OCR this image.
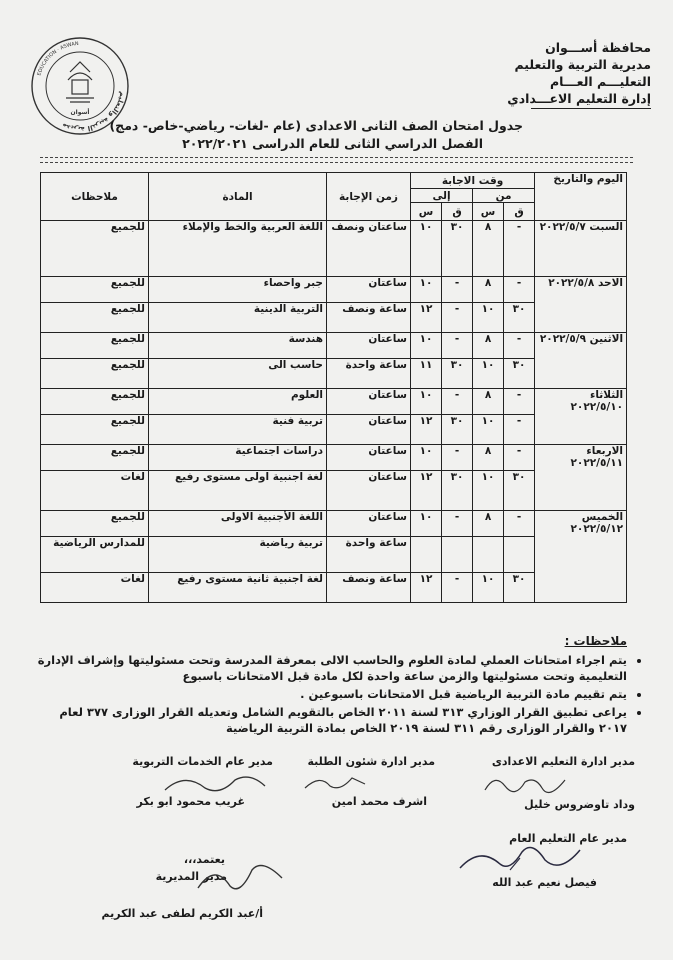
محافظة أســـوان
مديرية التربية والتعليم
التعليـــم العـــام
إدارة التعليم الاعـــدادي
مديرية التربية والتعليم
EDUCATION · ASWAN
أسوان
جدول امتحان الصف الثانى الاعدادى (عام -لغات- رياضي-خاص- دمج)
الفصل الدراسي الثانى للعام الدراسى ٢٠٢٢/٢٠٢١
اليوم والتاريخ	وقت الاجابة				زمن الإجابة	المادة	ملاحظات
	من		إلى				
	ق	س	ق	س			
السبت ٢٠٢٢/٥/٧	-	٨	٣٠	١٠	ساعتان ونصف	اللغة العربية والخط والإملاء	للجميع
الاحد ٢٠٢٢/٥/٨	-	٨	-	١٠	ساعتان	جبر واحصاء	للجميع
	٣٠	١٠	-	١٢	ساعة ونصف	التربية الدينية	للجميع
الاثنين ٢٠٢٢/٥/٩	-	٨	-	١٠	ساعتان	هندسة	للجميع
	٣٠	١٠	٣٠	١١	ساعة واحدة	حاسب الى	للجميع
الثلاثاء ٢٠٢٢/٥/١٠	-	٨	-	١٠	ساعتان	العلوم	للجميع
	-	١٠	٣٠	١٢	ساعتان	تربية فنية	للجميع
الاربعاء ٢٠٢٢/٥/١١	-	٨	-	١٠	ساعتان	دراسات اجتماعية	للجميع
	٣٠	١٠	٣٠	١٢	ساعتان	لغة اجنبية اولى مستوى رفيع	لغات
الخميس ٢٠٢٢/٥/١٢	-	٨	-	١٠	ساعتان	اللغة الأجنبية الاولى	للجميع
					ساعة واحدة	تربية رياضية	للمدارس الرياضية
	٣٠	١٠	-	١٢	ساعة ونصف	لغة اجنبية ثانية مستوى رفيع	لغات
ملاحظات :
• يتم اجراء امتحانات العملي لمادة العلوم والحاسب الالى بمعرفة المدرسة وتحت مسئوليتها وإشراف الإدارة التعليمية وتحت مسئوليتها والزمن ساعة واحدة لكل مادة قبل الامتحانات باسبوع
• يتم تقييم مادة التربية الرياضية قبل الامتحانات باسبوعين .
• يراعى تطبيق القرار الوزاري ٣١٣ لسنة ٢٠١١ الخاص بالتقويم الشامل وتعديله القرار الوزارى ٣٧٧ لعام ٢٠١٧ والقرار الوزارى رقم ٣١١ لسنة ٢٠١٩ الخاص بمادة التربية الرياضية
مدير ادارة التعليم الاعدادى
مدير ادارة شئون الطلبة
مدير عام الخدمات التربوية
وداد تاوضروس خليل
اشرف محمد امين
غريب محمود ابو بكر
مدير عام التعليم العام
فيصل نعيم عبد الله
يعتمد،،،
مدير المديرية
أ/عبد الكريم لطفى عبد الكريم
